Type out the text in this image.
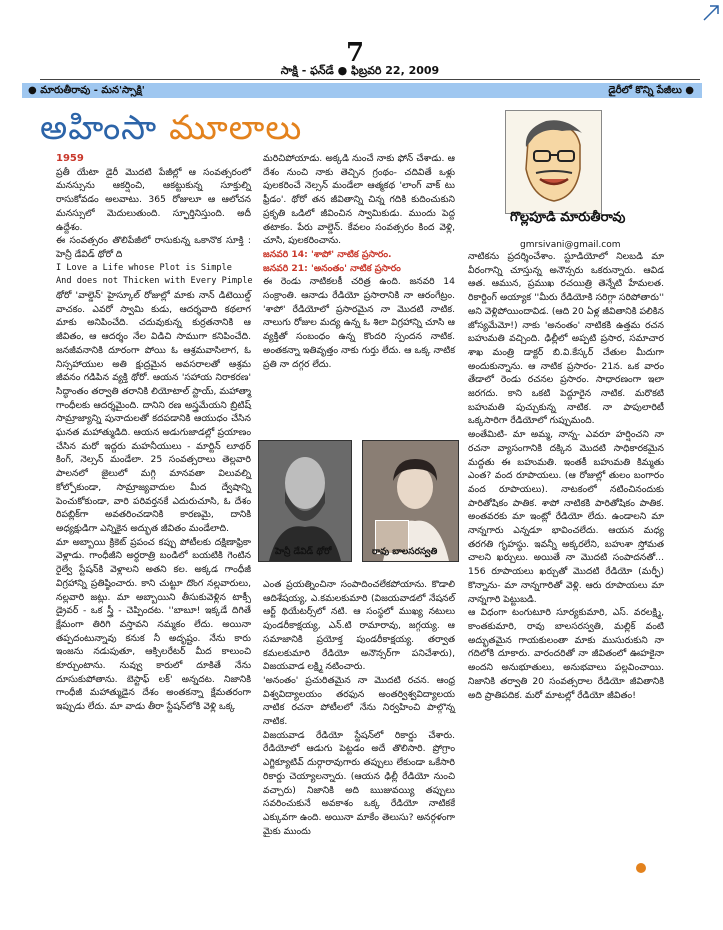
7
సాక్షి - ఫన్‌డే ● ఫిబ్రవరి 22, 2009
● మారుతీరావు - మన'స్సాక్షి'	డైరీలో కొన్ని పేజీలు ●
అహింసా మూలాలు
గొల్లపూడి మారుతీరావు
gmrsivani@gmail.com

1959

ప్రతీ యేటా డైరీ మొదటి పేజీల్లో ఆ సంవత్సరంలో మనస్సును ఆకర్షించి, ఆకట్టుకున్న సూక్తుల్ని రాసుకోవడం అలవాటు. 365 రోజులూ ఆ ఆలోచన మనస్సులో మెదులుతుంది. స్ఫూర్తినిస్తుంది. అదీ ఉద్దేశం.

ఈ సంవత్సరం తొలిపేజీలో రాసుకున్న ఒకానొక సూక్తి : హెన్రీ డేవిడ్ థోరో ది

I Love a Life whose Plot is Simple

And does not Thicken with Every Pimple

థోరో 'వాల్డెన్' హైస్కూల్ రోజుల్లో మాకు నాన్ డిటెయిల్డ్ వాచకం. ఎవరో స్వామి కుడు, ఆదర్శవాది కథలాగ మాకు అనిపించేది. చదువుకున్న కుర్రతనానికి ఆ జీవితం, ఆ ఆదర్శం నేల విడిచి సాముగా కనిపించేది. జనజీవనానికి దూరంగా పోయి ఓ ఆశ్రమవాసిలాగ, ఓ నిస్సహాయుల అతి క్షుద్రమైన అవసరాలతో ఆశ్రమ జీవనం గడిపిన వ్యక్తి థోరో. ఆయన 'సహాయ నిరాకరణ' సిద్ధాంతం తర్వాతి తరానికి లియోటాల్ స్టాయ్, మహాత్మా గాంధీలకు ఆదర్శమైంది. దానిని రణ అస్త్రమేయని బ్రిటిష్ సామ్రాజ్యాన్ని పునాదులతో కదపడానికి ఆయుధం చేసిన ఘనత మహాత్ముడిది. ఆయన అడుగుజాడల్లో ప్రయాణం చేసిన మరో ఇద్దరు మహనీయులు - మార్టిన్ లూథర్ కింగ్, నెల్సన్ మండేలా. 25 సంవత్సరాలు తెల్లవారి పాలనలో జైలులో మగ్గి మానవతా విలువల్ని కోల్పోకుండా, సామ్రాజ్యవాదుల మీద ద్వేషాన్ని పెంచుకోకుండా, వారి పరివర్తనకే ఎదురుచూసి, ఓ దేశం రిపబ్లిక్‌గా అవతరించడానికి కారణమై, దానికి అధ్యక్షుడిగా ఎన్నికైన అద్భుత జీవితం మండేలాది.

మా అబ్బాయి క్రికెట్ ప్రపంచ కప్పు పోటీలకు దక్షిణాఫ్రికా వెళ్లాడు. గాంధీజీని అర్ధరాత్రి బండిలో బయటికి గెంటిన రైల్వే స్టేషన్‌కి వెళ్లాలని అతని కల. అక్కడ గాంధీజీ విగ్రహాన్ని ప్రతిష్ఠించారు. కాని చుట్టూ దొంగ నల్లవారులు, నల్లవారి జట్లు. మా అబ్బాయిని తీసుకువెళ్లిన టాక్సీ డ్రైవర్ - ఒక స్త్రీ - చెప్పిందట. ''బాబూ! ఇక్కడే దిగితే క్షేమంగా తిరిగి వస్తావని నమ్మకం లేదు. అయినా తప్పదంటున్నావు కనుక నీ అదృష్టం. నేను కారు ఇంజను నడుపుతూ, ఆక్సిలరేటర్ మీద కాలుంచి కూర్చుంటాను. నువ్వు కారులో దూకితే నేను దూసుకుపోతాను. బెస్టాఫ్ లక్' అన్నదట. నిజానికి గాంధీజీ మహాత్ముడైన దేశం అంతకన్నా క్షేమతరంగా ఇప్పుడు లేదు. మా వాడు తీరా స్టేషన్‌లోకి వెళ్లి ఒక్క

మరిచిపోయాడు. అక్కడి నుంచే నాకు ఫోన్ చేశాడు. ఆ దేశం నుంచి నాకు తెచ్చిన గ్రంథం- చదివితే ఒళ్లు పులకరించే నెల్సన్ మండేలా ఆత్మకథ 'లాంగ్ వాక్ టు ఫ్రీడం'. థోరో తన జీవితాన్ని చిన్న గదికి కుదించుకుని ప్రకృతి ఒడిలో జీవించిన స్వామికుడు. ముందు పెద్ద తటాకం. పేరు వాల్డెన్. కేవలం సంవత్సరం కింద వెళ్లి, చూసి, పులకరించాను.

జనవరి 14: 'శాపో' నాటిక ప్రసారం.

జనవరి 21: 'అనంతం' నాటిక ప్రసారం

ఈ రెండు నాటికలకీ చరిత్ర ఉంది. జనవరి 14 సంక్రాంతి. ఆనాడు రేడియో ప్రసారానికి నా ఆరంగేట్రం. 'శాపో' రేడియోలో ప్రసారమైన నా మొదటి నాటిక. నాలుగు రోజుల మద్య ఉన్న ఓ శిలా విగ్రహాన్ని చూసి ఆ వ్యక్తితో సంబంధం ఉన్న కొందరి స్పందన నాటిక. అంతకన్నా ఇతివృత్తం నాకు గుర్తు లేదు. ఆ ఒక్క నాటిక ప్రతి నా దగ్గర లేదు.

హెన్రీ డేవిడ్ థోరో	రావు బాలసరస్వతి

ఎంత ప్రయత్నించినా సంపాదించలేకపోయాను. కొడాలి ఆదిశేషయ్య, ఎ.కమలకుమారి (విజయవాడలో నేషనల్ ఆర్ట్ థియేటర్స్‌లో నటి. ఆ సంస్థలో ముఖ్య నటులు పుండరీకాక్షయ్య, ఎన్.టి రామారావు, జగ్గయ్య. ఆ సమాజానికి ప్రయోక్త పుండరీకాక్షయ్య. తర్వాత కమలకుమారి రేడియో అనౌన్సర్‌గా పనిచేశారు), విజయవాడ లక్ష్మి నటించారు.

'అనంతం' ప్రచురితమైన నా మొదటి రచన. ఆంధ్ర విశ్వవిద్యాలయం తరఫున అంతర్విశ్వవిద్యాలయ నాటిక రచనా పోటీలలో నేను నిర్వహించి పాల్గొన్న నాటిక.

విజయవాడ రేడియో స్టేషన్‌లో రికార్డు చేశారు. రేడియోలో ఆడుగు పెట్టడం అదే తొలిసారి. ప్రోగ్రాం ఎగ్జిక్యూటివ్ దుర్గారావుగారు తప్పులు లేకుండా ఒకేసారి రికార్డు చెయ్యాలన్నారు. (ఆయన ఢిల్లీ రేడియో నుంచి వచ్చారు) నిజానికి అది ఋజువయ్యి తప్పులు సవరించుకునే అవకాశం ఒక్క రేడియో నాటికకే ఎక్కువగా ఉంది. అయినా మాకేం తెలుసు? అనర్గళంగా మైకు ముందు

నాటికను ప్రదర్శించేశాం. స్టూడియోలో నిలబడి మా వీరంగాన్ని చూస్తున్న అనౌన్సరు ఒకరున్నారు. ఆవిడ ఆత. ఆమున, ప్రముఖ రచయిత్రి తెన్నేటి హేమలత. రికార్డింగ్ అయ్యాక ''మీరు రేడియోకి సరిగ్గా సరిపోతారు'' అని వెళ్లిపోయిందావిడ. (ఆది 20 ఏళ్ల జీవితానికి పలికిన జోస్యమేమో!) నాకు 'అనంతం' నాటికకి ఉత్తమ రచన బహుమతి వచ్చింది. ఢిల్లీలో అప్పటి ప్రసార, సమాచార శాఖ మంత్రి డాక్టర్ బి.వి.కేస్కర్ చేతుల మీదుగా అందుకున్నాను. ఆ నాటిక ప్రసారం- 21న. ఒక వారం తేడాలో రెండు రచనల ప్రసారం. సాధారణంగా ఇలా జరగదు. కాని ఒకటి పెద్దూరైన నాటిక. మరొకటి బహుమతి పుచ్చుకున్న నాటిక. నా పాపులారిటీ ఒక్కసారిగా రేడియోలో గుప్పుమంది.

అంతేమిటి- మా అమ్మ, నాన్న- ఎవరూ హర్షించని నా రచనా వ్యాసంగానికి దక్కిన మొదటి సాధికారకమైన మద్దతు ఈ బహుమతి. ఇంతకీ బహుమతి కిమ్మతు ఎంత? వంద రూపాయలు. (ఆ రోజుల్లో తులం బంగారం వంద రూపాయలు). నాటకంలో నటించినందుకు పారితోషికం పాతిక. శాపో నాటికకి పారితోషికం పాతిక. అంతవరకు మా ఇంట్లో రేడియో లేదు. ఉండాలని మా నాన్నగారు ఎన్నడూ భావించలేదు. ఆయన మధ్య తరగతి గృహస్థు. ఇవన్నీ అక్కరలేని, బహుశా స్తోమత చాలని ఖర్చులు. అయితే నా మొదటి సంపాదనతో... 156 రూపాయలు ఖర్చుతో మొదటి రేడియో (మర్ఫీ) కొన్నాను- మా నాన్నగారితో వెళ్లి. ఆరు రూపాయలు మా నాన్నగారి పెట్టుబడి.

ఆ విధంగా టంగుటూరి సూర్యకుమారి, ఎస్. వరలక్ష్మి, కాంతకుమారి, రావు బాలసరస్వతి, మల్లిక్ వంటి అద్భుతమైన గాయకులంతా మాకు ముసురుకుని నా గదిలోకి దూకారు. వారందరితో నా జీవితంలో ఊహకైనా అందని అనుభూతులు, అనుభవాలు పల్లవించాయి. నిజానికి తర్వాతి 20 సంవత్సరాల రేడియో జీవితానికి అది ప్రాతిపదిక. మరో మాటల్లో రేడియో జీవితం!
